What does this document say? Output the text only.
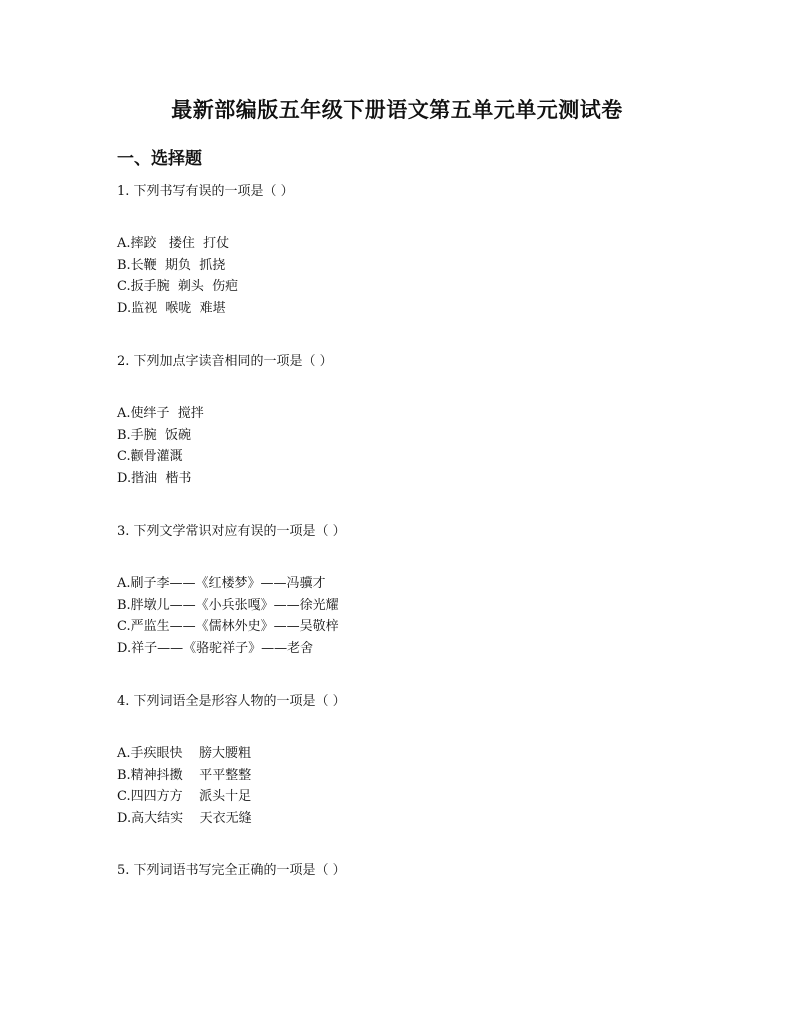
最新部编版五年级下册语文第五单元单元测试卷
一、选择题
1. 下列书写有误的一项是（ ）
A.摔跤   搂住  打仗
B.长鞭  期负  抓挠
C.扳手腕  剃头  伤疤
D.监视  喉咙  难堪
2. 下列加点字读音相同的一项是（ ）
A.使绊子  搅拌
B.手腕  饭碗
C.颧骨灌溉
D.揩油  楷书
3. 下列文学常识对应有误的一项是（ ）
A.刷子李——《红楼梦》——冯骥才
B.胖墩儿——《小兵张嘎》——徐光耀
C.严监生——《儒林外史》——吴敬梓
D.祥子——《骆驼祥子》——老舍
4. 下列词语全是形容人物的一项是（ ）
A.手疾眼快    膀大腰粗
B.精神抖擞    平平整整
C.四四方方    派头十足
D.高大结实    天衣无缝
5. 下列词语书写完全正确的一项是（ ）
